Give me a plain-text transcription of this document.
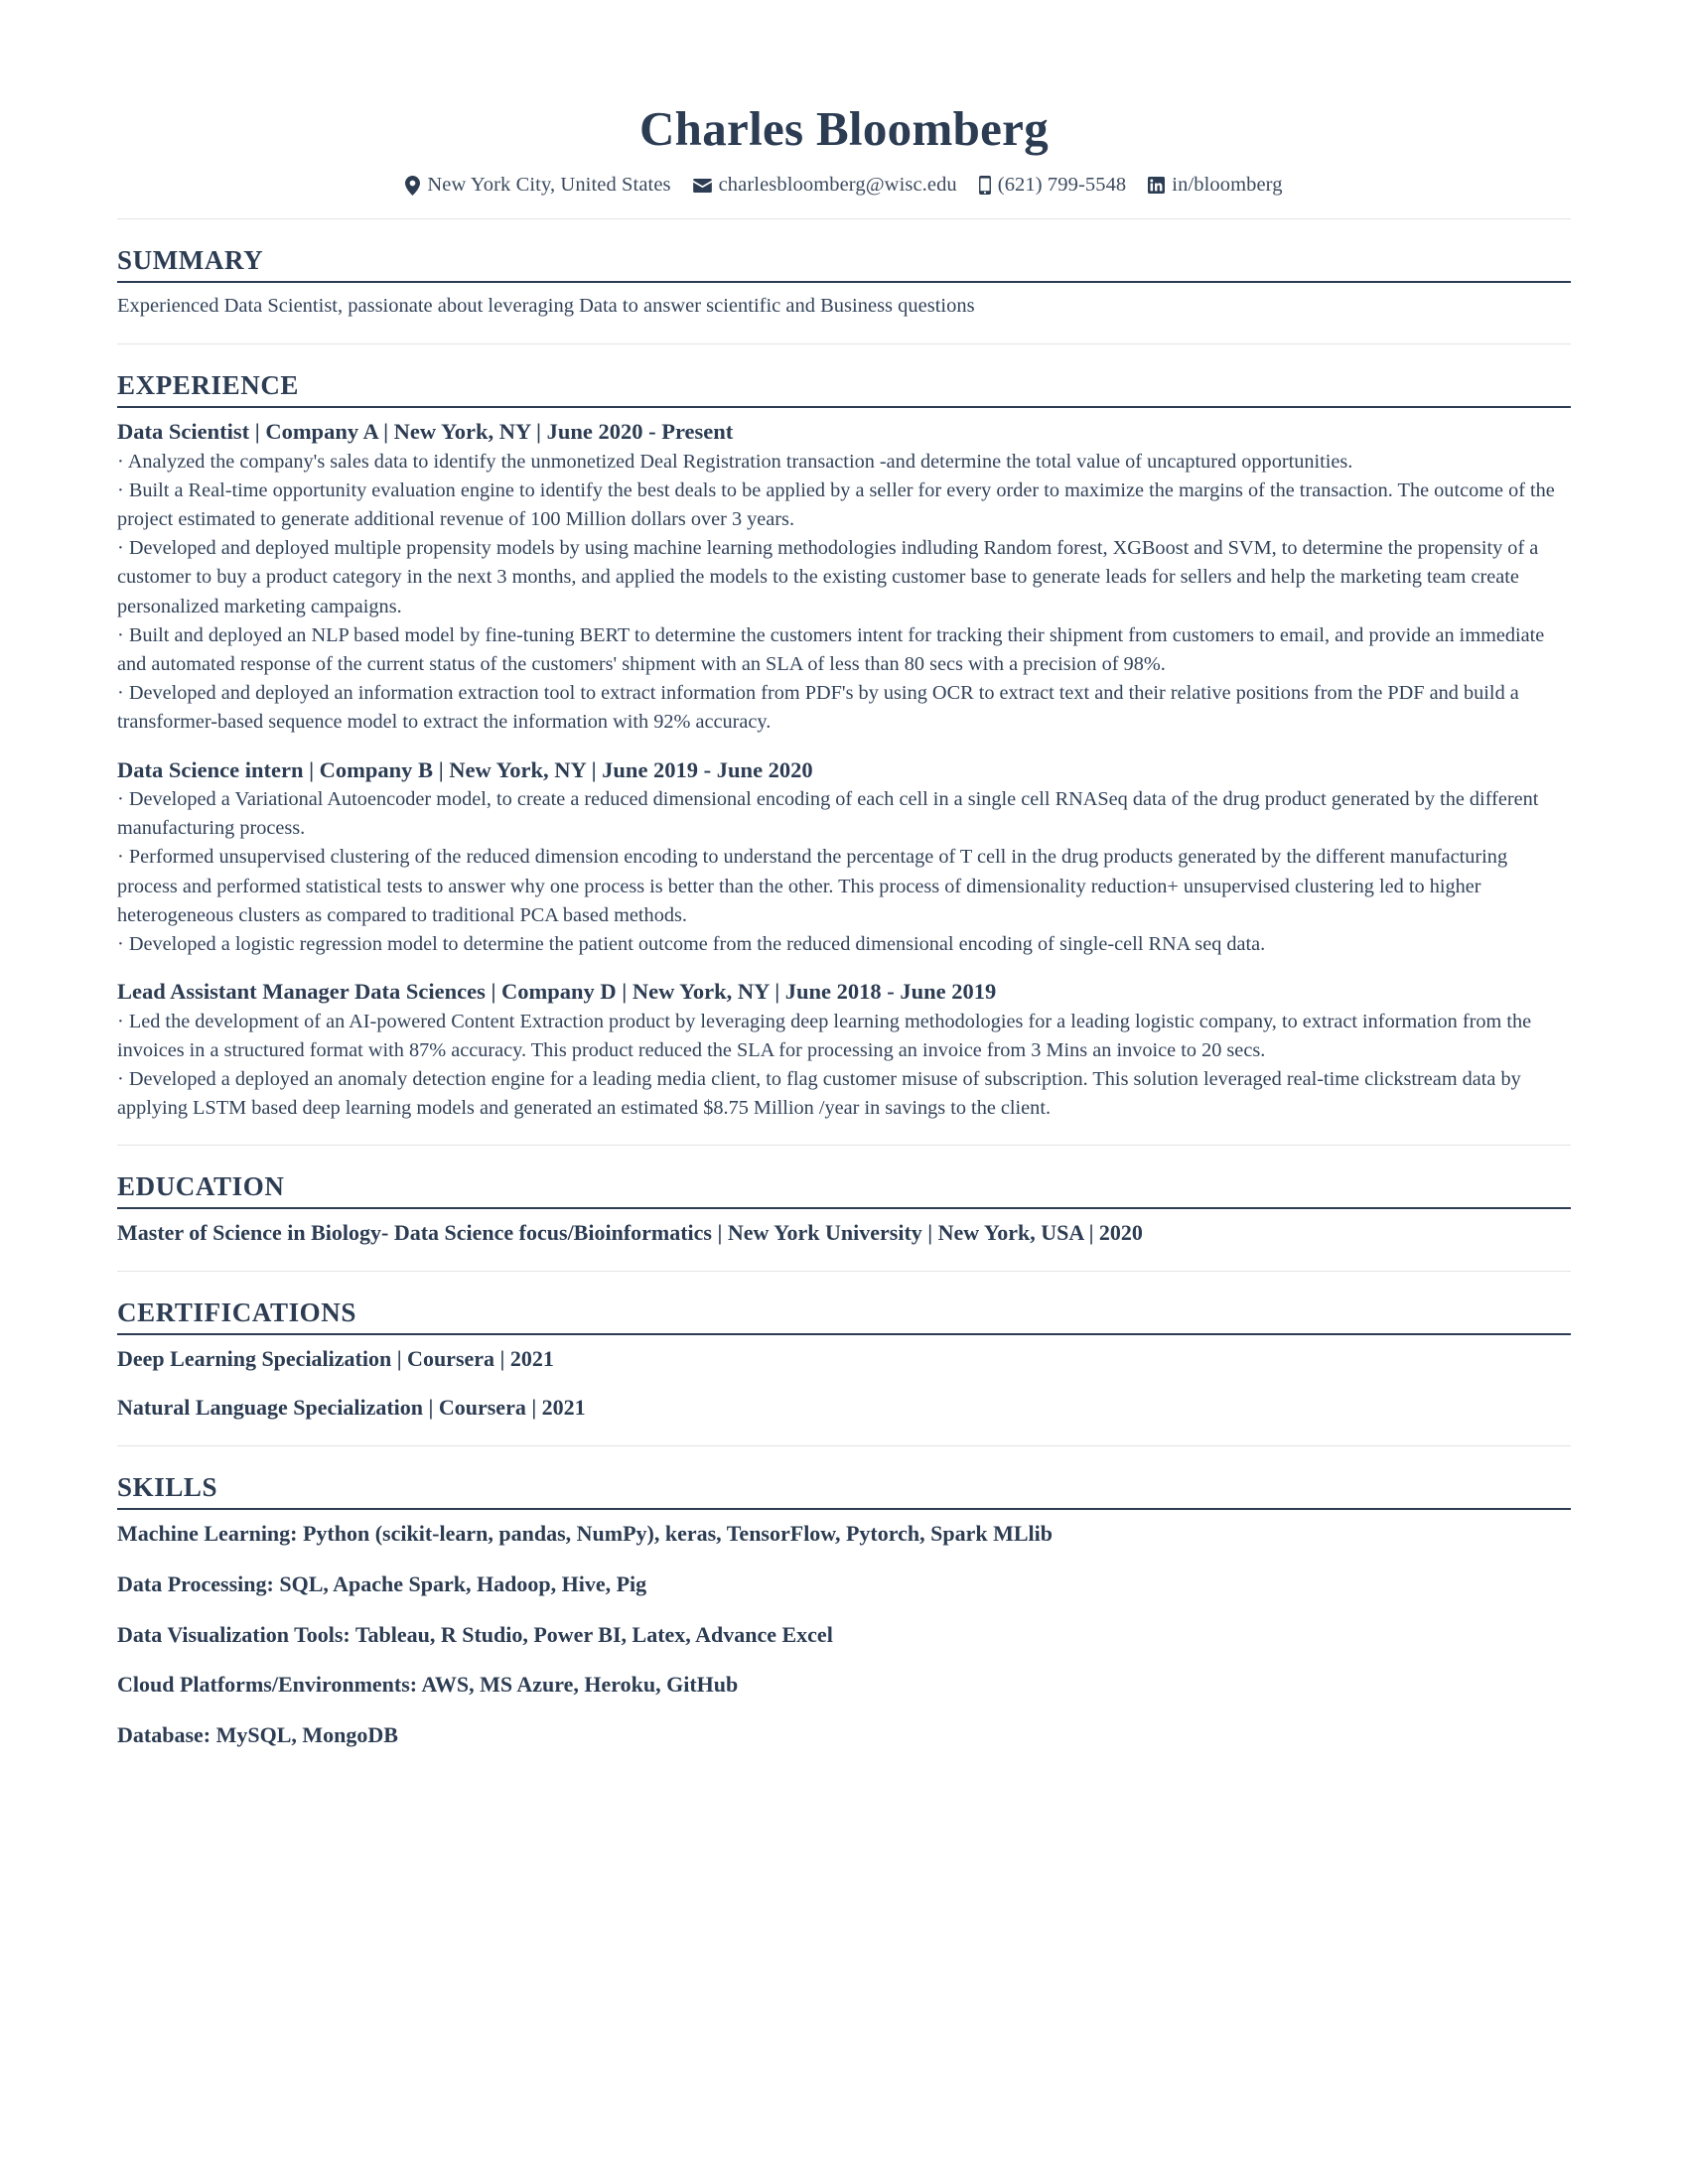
Charles Bloomberg
New York City, United States charlesbloomberg@wisc.edu (621) 799-5548 in/bloomberg
SUMMARY
Experienced Data Scientist, passionate about leveraging Data to answer scientific and Business questions
EXPERIENCE
Data Scientist | Company A | New York, NY | June 2020 - Present
· Analyzed the company's sales data to identify the unmonetized Deal Registration transaction -and determine the total value of uncaptured opportunities.
· Built a Real-time opportunity evaluation engine to identify the best deals to be applied by a seller for every order to maximize the margins of the transaction. The outcome of the project estimated to generate additional revenue of 100 Million dollars over 3 years.
· Developed and deployed multiple propensity models by using machine learning methodologies indluding Random forest, XGBoost and SVM, to determine the propensity of a customer to buy a product category in the next 3 months, and applied the models to the existing customer base to generate leads for sellers and help the marketing team create personalized marketing campaigns.
· Built and deployed an NLP based model by fine-tuning BERT to determine the customers intent for tracking their shipment from customers to email, and provide an immediate and automated response of the current status of the customers' shipment with an SLA of less than 80 secs with a precision of 98%.
· Developed and deployed an information extraction tool to extract information from PDF's by using OCR to extract text and their relative positions from the PDF and build a transformer-based sequence model to extract the information with 92% accuracy.
Data Science intern | Company B | New York, NY | June 2019 - June 2020
· Developed a Variational Autoencoder model, to create a reduced dimensional encoding of each cell in a single cell RNASeq data of the drug product generated by the different manufacturing process.
· Performed unsupervised clustering of the reduced dimension encoding to understand the percentage of T cell in the drug products generated by the different manufacturing process and performed statistical tests to answer why one process is better than the other. This process of dimensionality reduction+ unsupervised clustering led to higher heterogeneous clusters as compared to traditional PCA based methods.
· Developed a logistic regression model to determine the patient outcome from the reduced dimensional encoding of single-cell RNA seq data.
Lead Assistant Manager Data Sciences | Company D | New York, NY | June 2018 - June 2019
· Led the development of an AI-powered Content Extraction product by leveraging deep learning methodologies for a leading logistic company, to extract information from the invoices in a structured format with 87% accuracy. This product reduced the SLA for processing an invoice from 3 Mins an invoice to 20 secs.
· Developed a deployed an anomaly detection engine for a leading media client, to flag customer misuse of subscription. This solution leveraged real-time clickstream data by applying LSTM based deep learning models and generated an estimated $8.75 Million /year in savings to the client.
EDUCATION
Master of Science in Biology- Data Science focus/Bioinformatics | New York University | New York, USA | 2020
CERTIFICATIONS
Deep Learning Specialization | Coursera | 2021
Natural Language Specialization | Coursera | 2021
SKILLS
Machine Learning: Python (scikit-learn, pandas, NumPy), keras, TensorFlow, Pytorch, Spark MLlib
Data Processing: SQL, Apache Spark, Hadoop, Hive, Pig
Data Visualization Tools: Tableau, R Studio, Power BI, Latex, Advance Excel
Cloud Platforms/Environments: AWS, MS Azure, Heroku, GitHub
Database: MySQL, MongoDB
